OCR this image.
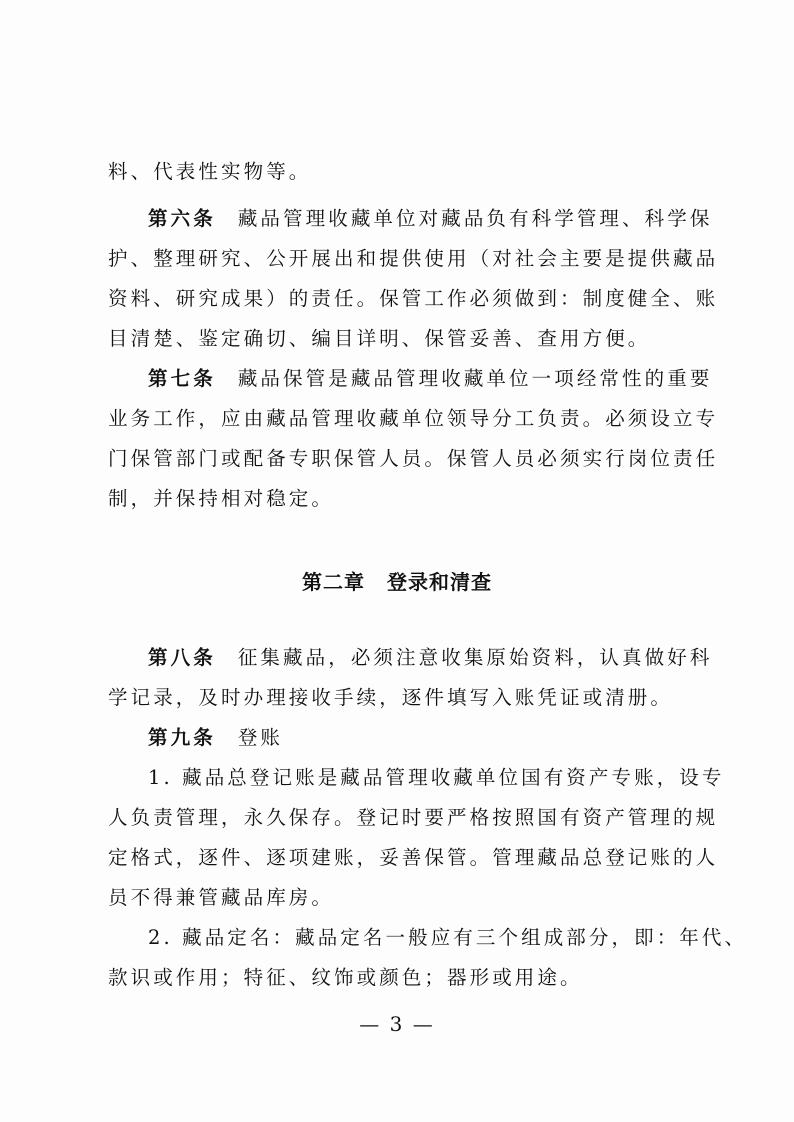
料、代表性实物等。
第六条 藏品管理收藏单位对藏品负有科学管理、科学保
护、整理研究、公开展出和提供使用（对社会主要是提供藏品
资料、研究成果）的责任。保管工作必须做到：制度健全、账
目清楚、鉴定确切、编目详明、保管妥善、查用方便。
第七条 藏品保管是藏品管理收藏单位一项经常性的重要
业务工作，应由藏品管理收藏单位领导分工负责。必须设立专
门保管部门或配备专职保管人员。保管人员必须实行岗位责任
制，并保持相对稳定。
第二章 登录和清查
第八条 征集藏品，必须注意收集原始资料，认真做好科
学记录，及时办理接收手续，逐件填写入账凭证或清册。
第九条 登账
1. 藏品总登记账是藏品管理收藏单位国有资产专账，设专
人负责管理，永久保存。登记时要严格按照国有资产管理的规
定格式，逐件、逐项建账，妥善保管。管理藏品总登记账的人
员不得兼管藏品库房。
2. 藏品定名：藏品定名一般应有三个组成部分，即：年代、
款识或作用；特征、纹饰或颜色；器形或用途。
— 3 —
